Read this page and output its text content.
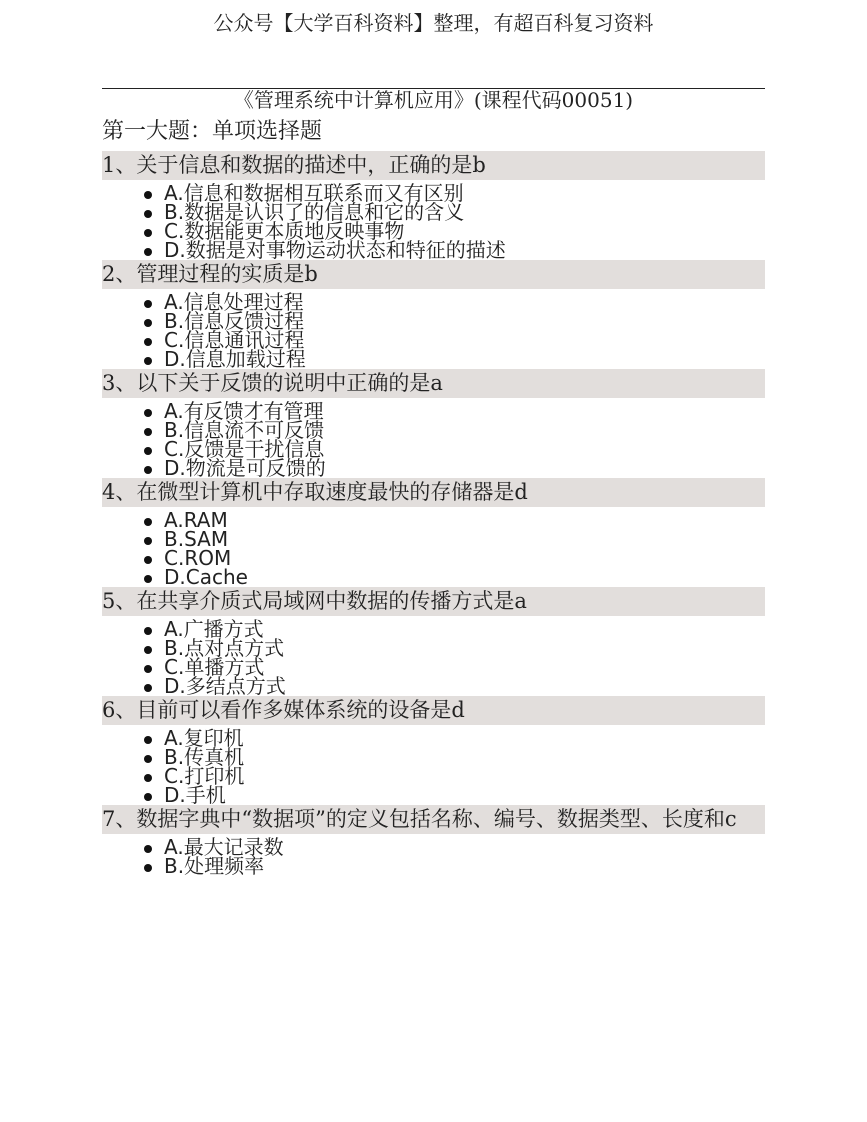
公众号【大学百科资料】整理，有超百科复习资料
《管理系统中计算机应用》(课程代码00051)
第一大题：单项选择题
1、关于信息和数据的描述中，正确的是b
A.信息和数据相互联系而又有区别
B.数据是认识了的信息和它的含义
C.数据能更本质地反映事物
D.数据是对事物运动状态和特征的描述
2、管理过程的实质是b
A.信息处理过程
B.信息反馈过程
C.信息通讯过程
D.信息加载过程
3、以下关于反馈的说明中正确的是a
A.有反馈才有管理
B.信息流不可反馈
C.反馈是干扰信息
D.物流是可反馈的
4、在微型计算机中存取速度最快的存储器是d
A.RAM
B.SAM
C.ROM
D.Cache
5、在共享介质式局域网中数据的传播方式是a
A.广播方式
B.点对点方式
C.单播方式
D.多结点方式
6、目前可以看作多媒体系统的设备是d
A.复印机
B.传真机
C.打印机
D.手机
7、数据字典中“数据项”的定义包括名称、编号、数据类型、长度和c
A.最大记录数
B.处理频率
